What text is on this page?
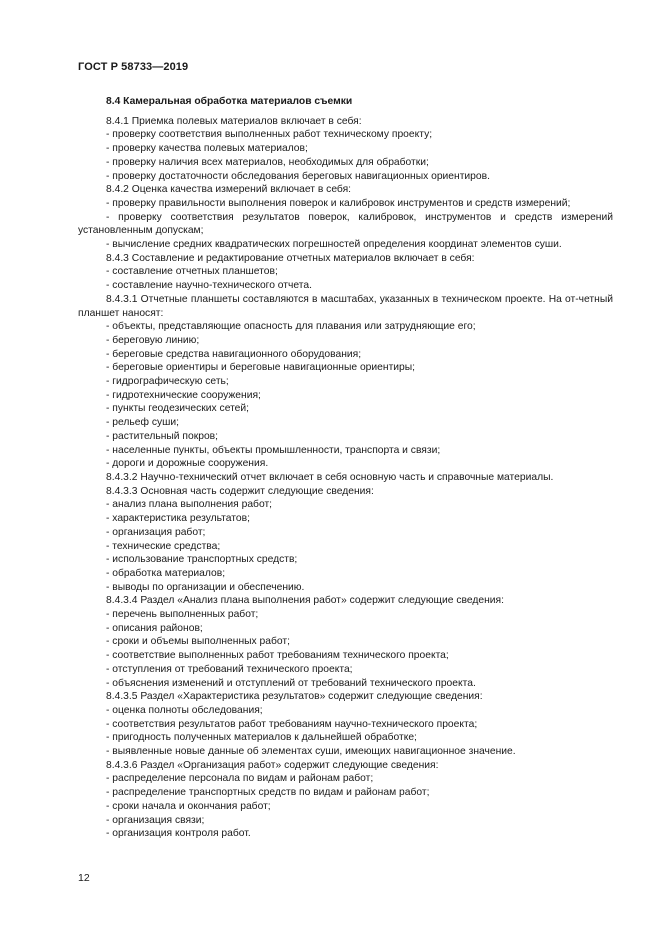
ГОСТ Р 58733—2019
8.4 Камеральная обработка материалов съемки
8.4.1 Приемка полевых материалов включает в себя:
- проверку соответствия выполненных работ техническому проекту;
- проверку качества полевых материалов;
- проверку наличия всех материалов, необходимых для обработки;
- проверку достаточности обследования береговых навигационных ориентиров.
8.4.2 Оценка качества измерений включает в себя:
- проверку правильности выполнения поверок и калибровок инструментов и средств измерений;
- проверку соответствия результатов поверок, калибровок, инструментов и средств измерений установленным допускам;
- вычисление средних квадратических погрешностей определения координат элементов суши.
8.4.3 Составление и редактирование отчетных материалов включает в себя:
- составление отчетных планшетов;
- составление научно-технического отчета.
8.4.3.1 Отчетные планшеты составляются в масштабах, указанных в техническом проекте. На от-четный планшет наносят:
- объекты, представляющие опасность для плавания или затрудняющие его;
- береговую линию;
- береговые средства навигационного оборудования;
- береговые ориентиры и береговые навигационные ориентиры;
- гидрографическую сеть;
- гидротехнические сооружения;
- пункты геодезических сетей;
- рельеф суши;
- растительный покров;
- населенные пункты, объекты промышленности, транспорта и связи;
- дороги и дорожные сооружения.
8.4.3.2 Научно-технический отчет включает в себя основную часть и справочные материалы.
8.4.3.3 Основная часть содержит следующие сведения:
- анализ плана выполнения работ;
- характеристика результатов;
- организация работ;
- технические средства;
- использование транспортных средств;
- обработка материалов;
- выводы по организации и обеспечению.
8.4.3.4 Раздел «Анализ плана выполнения работ» содержит следующие сведения:
- перечень выполненных работ;
- описания районов;
- сроки и объемы выполненных работ;
- соответствие выполненных работ требованиям технического проекта;
- отступления от требований технического проекта;
- объяснения изменений и отступлений от требований технического проекта.
8.4.3.5 Раздел «Характеристика результатов» содержит следующие сведения:
- оценка полноты обследования;
- соответствия результатов работ требованиям научно-технического проекта;
- пригодность полученных материалов к дальнейшей обработке;
- выявленные новые данные об элементах суши, имеющих навигационное значение.
8.4.3.6 Раздел «Организация работ» содержит следующие сведения:
- распределение персонала по видам и районам работ;
- распределение транспортных средств по видам и районам работ;
- сроки начала и окончания работ;
- организация связи;
- организация контроля работ.
12
